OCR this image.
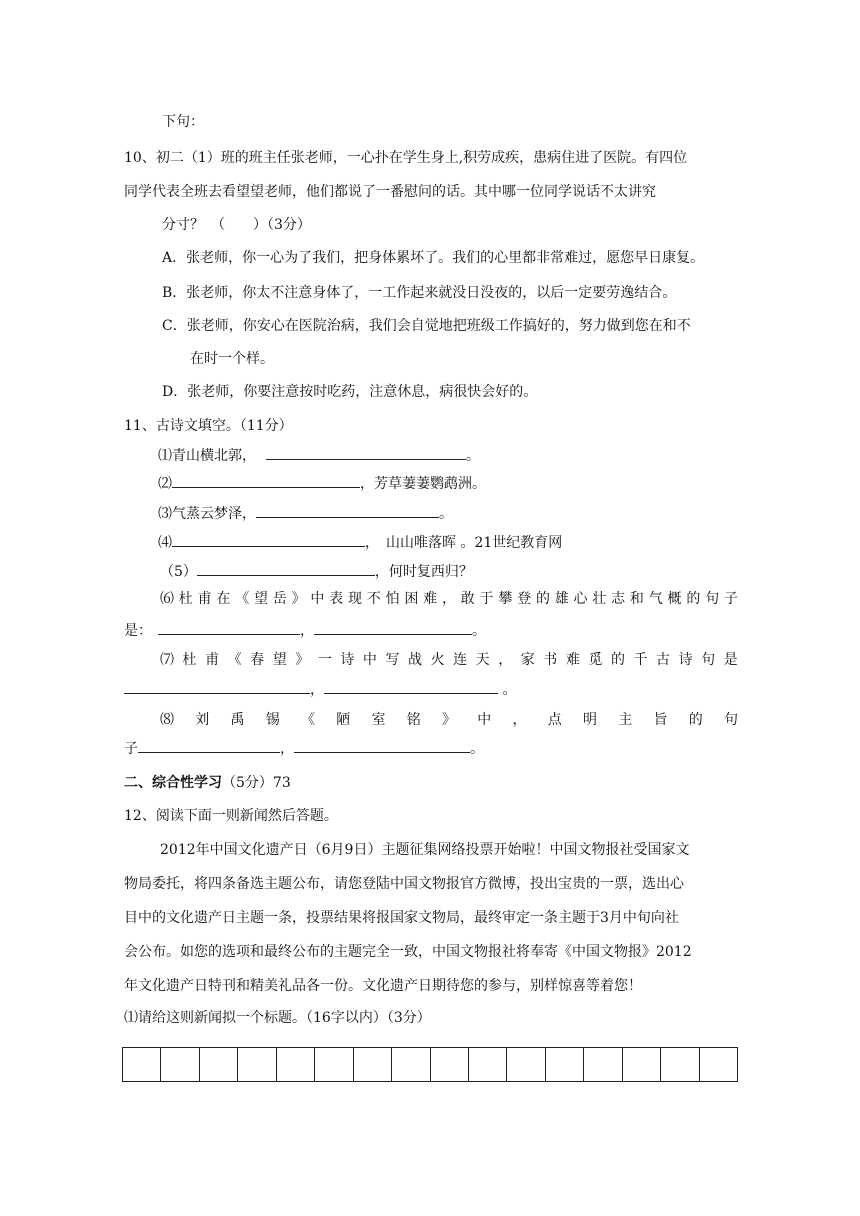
下句：
10、初二（1）班的班主任张老师，一心扑在学生身上,积劳成疾，患病住进了医院。有四位
同学代表全班去看望望老师，他们都说了一番慰问的话。其中哪一位同学说话不太讲究
分寸？　（　　）（3分）
A．张老师，你一心为了我们，把身体累坏了。我们的心里都非常难过，愿您早日康复。
B．张老师，你太不注意身体了，一工作起来就没日没夜的，以后一定要劳逸结合。
C．张老师，你安心在医院治病，我们会自觉地把班级工作搞好的，努力做到您在和不
在时一个样。
D．张老师，你要注意按时吃药，注意休息，病很快会好的。
11、古诗文填空。（11分）
⑴青山横北郭，	。
⑵	，芳草萋萋鹦鹉洲。
⑶气蒸云梦泽，	。
⑷	，　山山唯落晖 。21世纪教育网
（5）	，何时复西归？
⑹ 杜 甫 在 《 望 岳 》 中 表 现 不 怕 困 难 ， 敢 于 攀 登 的 雄 心 壮 志 和 气 概 的 句 子
是：	，	。
⑺ 杜 甫 《 春 望 》 一 诗 中 写 战 火 连 天 ， 家 书 难 觅 的 千 古 诗 句 是
，	。
⑻ 刘 禹 锡 《 陋 室 铭 》 中 ， 点 明 主 旨 的 句
子	，	。
二、综合性学习（5分）73
12、阅读下面一则新闻然后答题。
2012年中国文化遗产日（6月9日）主题征集网络投票开始啦！中国文物报社受国家文
物局委托，将四条备选主题公布，请您登陆中国文物报官方微博，投出宝贵的一票，选出心
目中的文化遗产日主题一条，投票结果将报国家文物局，最终审定一条主题于3月中旬向社
会公布。如您的选项和最终公布的主题完全一致，中国文物报社将奉寄《中国文物报》2012
年文化遗产日特刊和精美礼品各一份。文化遗产日期待您的参与，别样惊喜等着您！
⑴请给这则新闻拟一个标题。（16字以内）（3分）
